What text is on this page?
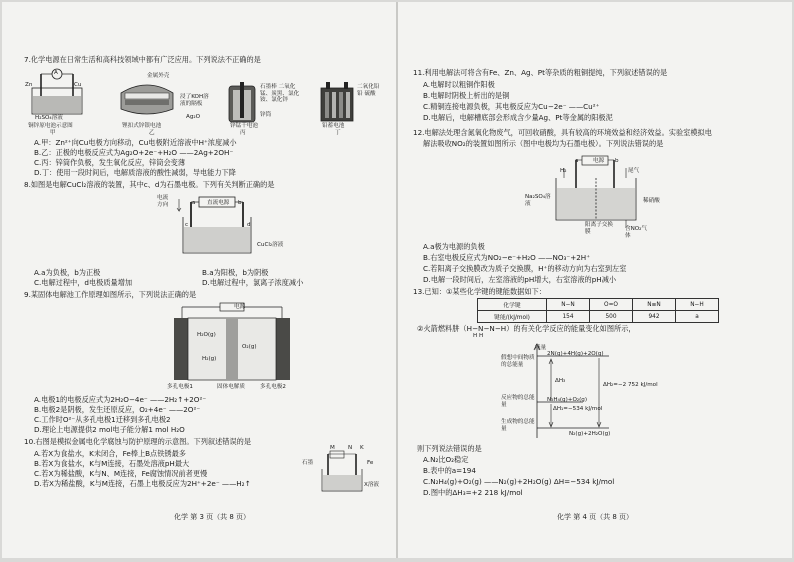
7.化学电源在日常生活和高科技领域中都有广泛应用。下列说法不正确的是
A
Zn	Cu
H₂SO₄溶液
铜锌原电池示意图
甲
金属外壳
浸了KOH溶液的隔板
Ag₂O
锂扣式锌银电池
乙
石墨棒 二氧化锰、炭黑、氯化铵、氯化锌
锌筒
锌锰干电池
丙
二氧化铅 铅 硫酸
铅蓄电池
丁
A.甲：Zn²⁺向Cu电极方向移动，Cu电极附近溶液中H⁺浓度减小
B.乙：正极的电极反应式为Ag₂O+2e⁻+H₂O ——2Ag+2OH⁻
C.丙：锌筒作负极，发生氧化反应，锌筒会变薄
D.丁：使用一段时间后，电解质溶液的酸性减弱，导电能力下降
8.如图是电解CuCl₂溶液的装置，其中c、d为石墨电极。下列有关判断正确的是
电流方向	直流电源
a	b
c	d
CuCl₂溶液
A.a为负极，b为正极	B.a为阳极，b为阴极
C.电解过程中，d电极质量增加	D.电解过程中，氯离子浓度减小
9.某固体电解池工作原理如图所示，下列说法正确的是
电源
H₂O(g)
H₂(g)
O₂(g)
多孔电极1	固体电解质	多孔电极2
A.电极1的电极反应式为2H₂O−4e⁻ ——2H₂↑+2O²⁻
B.电极2是阴极，发生还原反应，O₂+4e⁻ ——2O²⁻
C.工作时O²⁻从多孔电极1迁移到多孔电极2
D.理论上电源提供2 mol电子能分解1 mol H₂O
10.右图是模拟金属电化学腐蚀与防护原理的示意图。下列叙述错误的是
石墨	Fe
M N K
X溶液
A.若X为食盐水，K未闭合，Fe棒上B点铁锈最多
B.若X为食盐水，K与M连接，石墨处溶液pH最大
C.若X为稀盐酸，K与N、M连接，Fe腐蚀情况前者更慢
D.若X为稀盐酸，K与M连接，石墨上电极反应为2H⁺+2e⁻ ——H₂↑
化学 第 3 页（共 8 页）
11.利用电解法可将含有Fe、Zn、Ag、Pt等杂质的粗铜提纯，下列叙述错误的是
A.电解时以粗铜作阳极
B.电解时阴极上析出的是铜
C.精铜连接电源负极，其电极反应为Cu−2e⁻ ——Cu²⁺
D.电解后，电解槽底部会形成含少量Ag、Pt等金属的阳极泥
12.电解法处理含氮氧化物废气，可回收硝酸，具有较高的环境效益和经济效益。实验室模拟电
解法吸收NO₂的装置如图所示（图中电极均为石墨电极）。下列说法错误的是
a	电源 b
H₂	尾气
Na₂SO₄溶液	稀硝酸
阳离子交换膜	含NO₂气体
A.a极为电源的负极
B.右室电极反应式为NO₂−e⁻+H₂O ——NO₃⁻+2H⁺
C.若阳离子交换膜改为质子交换膜，H⁺的移动方向为右室到左室
D.电解一段时间后，左室溶液的pH增大，右室溶液的pH减小
13.已知：①某些化学键的键能数据如下：
化学键	N−N	O=O	N≡N	N−H
键能/(kJ/mol)	154	500	942	a
②火箭燃料肼（H−N−N−H）的有关化学反应的能量变化如图所示，
H H
能量
2N(g)+4H(g)+2O(g)
假想中间物质的总能量
ΔH₃
ΔH₂=−2 752 kJ/mol
反应物的总能量
N₂H₄(g)+O₂(g)
ΔH₁=−534 kJ/mol
生成物的总能量
N₂(g)+2H₂O(g)
则下列说法错误的是
A.N₂比O₂稳定
B.表中的a=194
C.N₂H₄(g)+O₂(g) ——N₂(g)+2H₂O(g) ΔH=−534 kJ/mol
D.图中的ΔH₃=+2 218 kJ/mol
化学 第 4 页（共 8 页）
